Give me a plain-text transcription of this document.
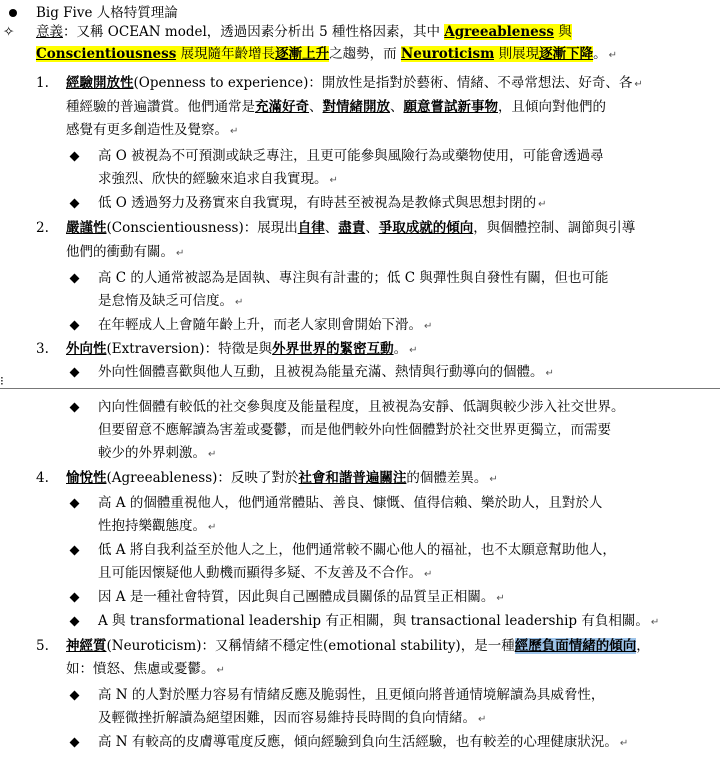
Big Five 人格特質理論
✧ 意義：又稱 OCEAN model，透過因素分析出 5 種性格因素，其中 Agreeableness 與
Conscientiousness 展現隨年齡增長逐漸上升之趨勢，而 Neuroticism 則展現逐漸下降。 ↵
1. 經驗開放性(Openness to experience)：開放性是指對於藝術、情緒、不尋常想法、好奇、各 ↵
種經驗的普遍讚賞。他們通常是充滿好奇、對情緒開放、願意嘗試新事物，且傾向對他們的
感覺有更多創造性及覺察。 ↵
高 O 被視為不可預測或缺乏專注，且更可能參與風險行為或藥物使用，可能會透過尋
求強烈、欣快的經驗來追求自我實現。 ↵
低 O 透過努力及務實來自我實現，有時甚至被視為是教條式與思想封閉的 ↵
2. 嚴謹性(Conscientiousness)：展現出自律、盡責、爭取成就的傾向，與個體控制、調節與引導
他們的衝動有關。 ↵
高 C 的人通常被認為是固執、專注與有計畫的；低 C 與彈性與自發性有關，但也可能
是怠惰及缺乏可信度。 ↵
在年輕成人上會隨年齡上升，而老人家則會開始下滑。 ↵
3. 外向性(Extraversion)：特徵是與外界世界的緊密互動。 ↵
外向性個體喜歡與他人互動，且被視為能量充滿、熱情與行動導向的個體。 ↵
⁝
內向性個體有較低的社交參與度及能量程度，且被視為安靜、低調與較少涉入社交世界。
但要留意不應解讀為害羞或憂鬱，而是他們較外向性個體對於社交世界更獨立，而需要
較少的外界刺激。 ↵
4. 愉悅性(Agreeableness)：反映了對於社會和諧普遍關注的個體差異。 ↵
高 A 的個體重視他人，他們通常體貼、善良、慷慨、值得信賴、樂於助人，且對於人
性抱持樂觀態度。 ↵
低 A 將自我利益至於他人之上，他們通常較不關心他人的福祉，也不太願意幫助他人，
且可能因懷疑他人動機而顯得多疑、不友善及不合作。 ↵
因 A 是一種社會特質，因此與自己團體成員關係的品質呈正相關。 ↵
A 與 transformational leadership 有正相關，與 transactional leadership 有負相關。 ↵
5. 神經質(Neuroticism)：又稱情緒不穩定性(emotional stability)，是一種經歷負面情緒的傾向，
如：憤怒、焦慮或憂鬱。 ↵
高 N 的人對於壓力容易有情緒反應及脆弱性，且更傾向將普通情境解讀為具威脅性，
及輕微挫折解讀為絕望困難，因而容易維持長時間的負向情緒。 ↵
高 N 有較高的皮膚導電度反應，傾向經驗到負向生活經驗，也有較差的心理健康狀況。 ↵
